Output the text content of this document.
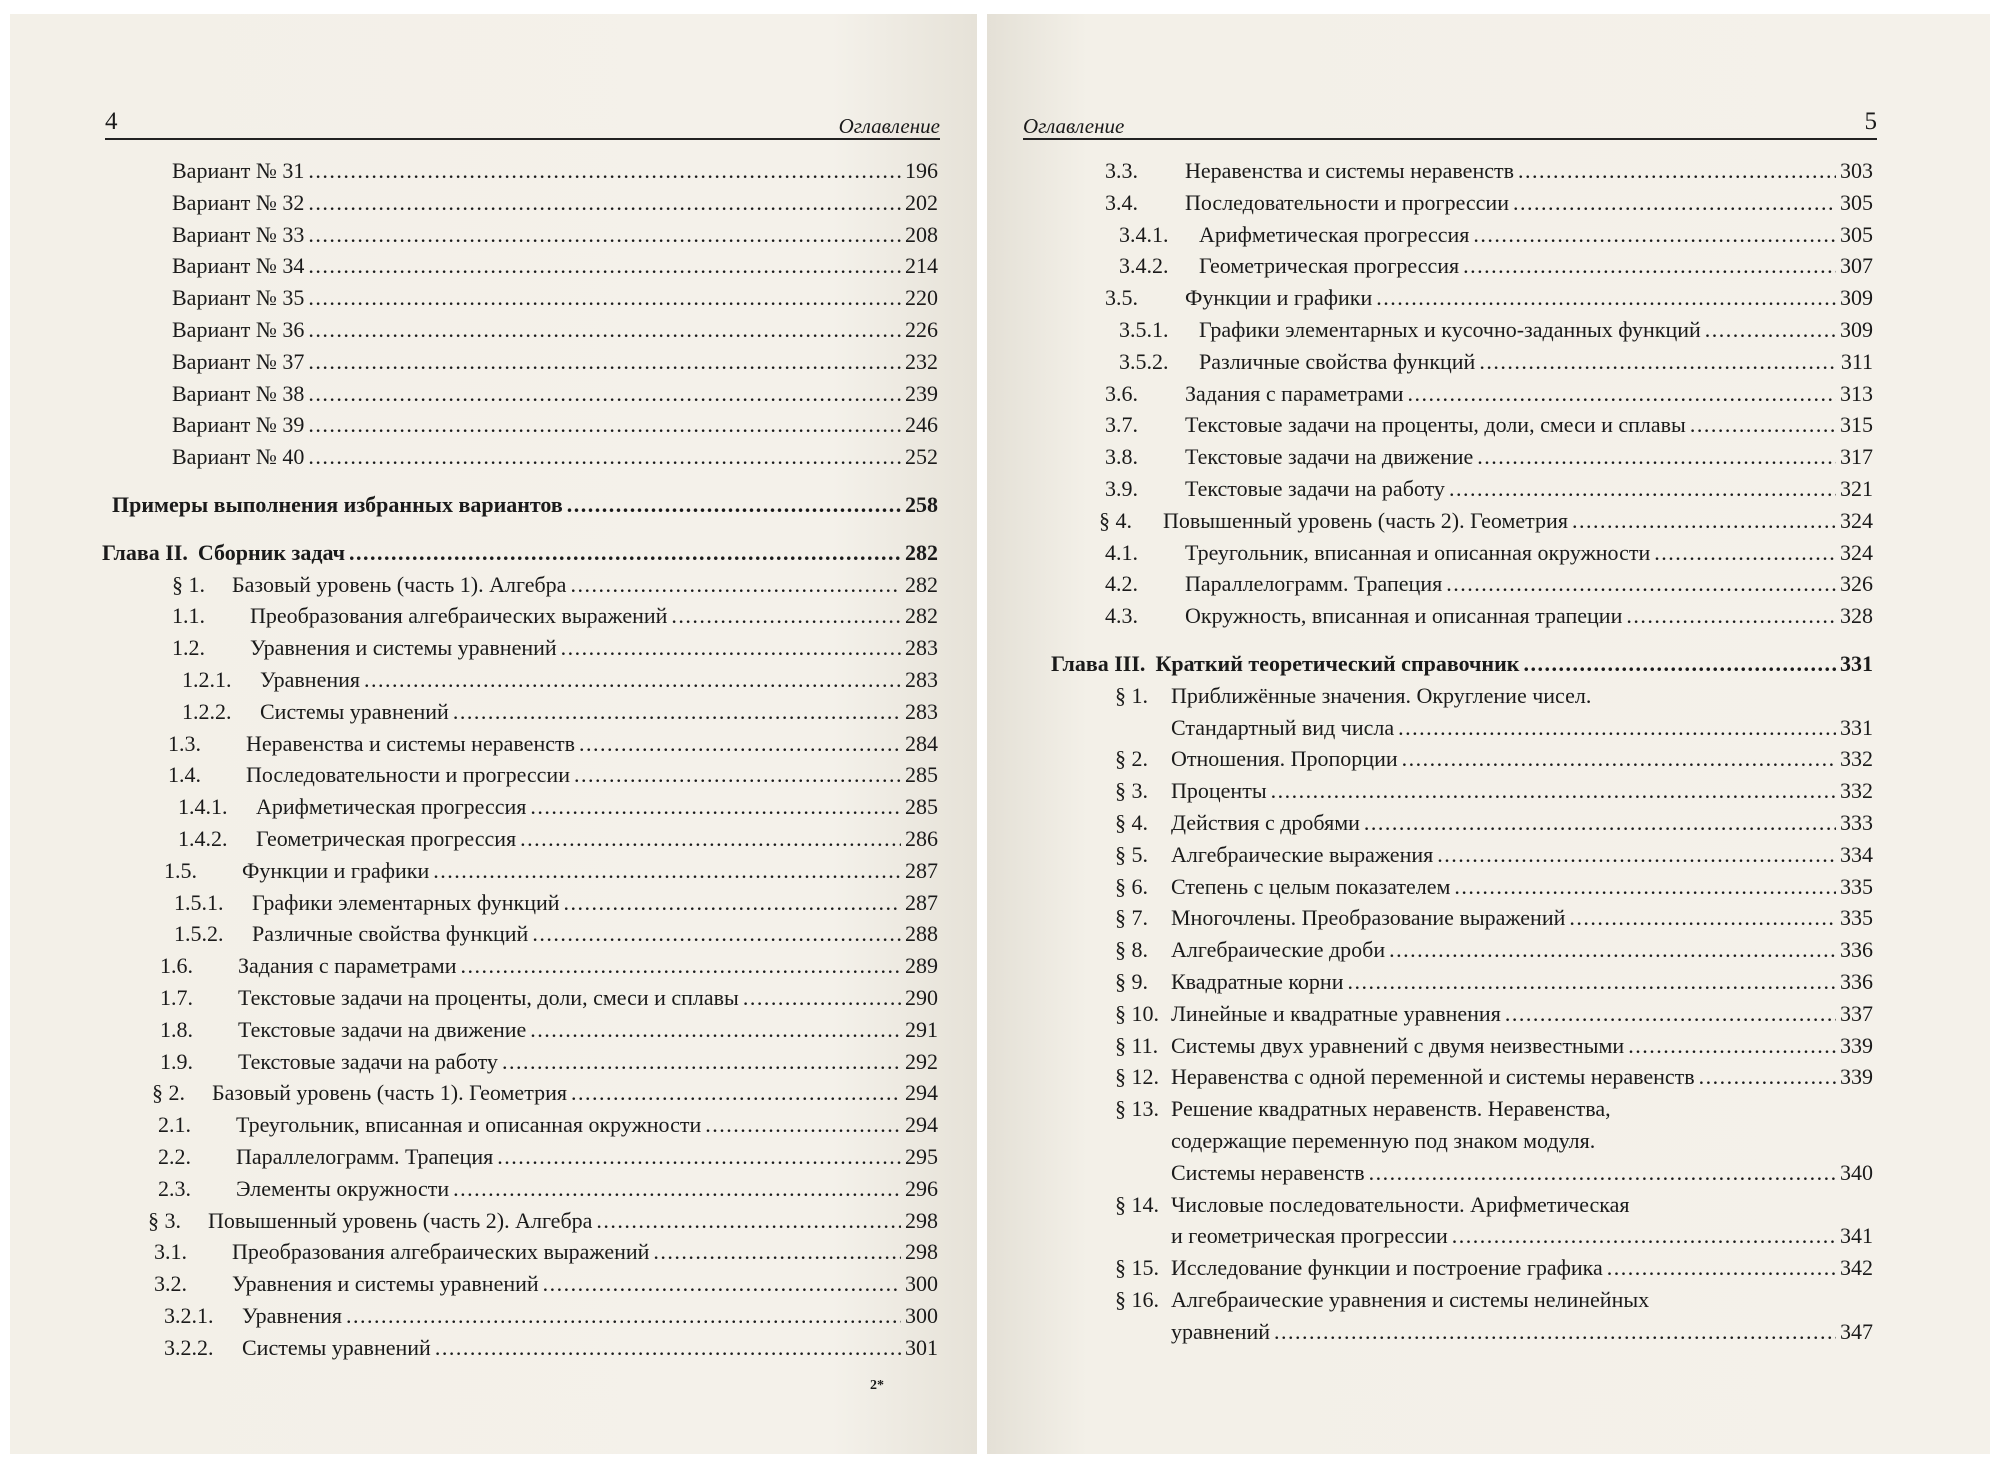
4	Оглавление
Вариант № 31 . . .	196
Вариант № 32 . . .	202
Вариант № 33 . . .	208
Вариант № 34 . . .	214
Вариант № 35 . . .	220
Вариант № 36 . . .	226
Вариант № 37 . . .	232
Вариант № 38 . . .	239
Вариант № 39 . . .	246
Вариант № 40 . . .	252
Примеры выполнения избранных вариантов . . .	258
Глава II. Сборник задач . . .	282
§ 1.	Базовый уровень (часть 1). Алгебра . . .	282
1.1.	Преобразования алгебраических выражений . . .	282
1.2.	Уравнения и системы уравнений . . .	283
1.2.1.	Уравнения . . .	283
1.2.2.	Системы уравнений . . .	283
1.3.	Неравенства и системы неравенств . . .	284
1.4.	Последовательности и прогрессии . . .	285
1.4.1.	Арифметическая прогрессия . . .	285
1.4.2.	Геометрическая прогрессия . . .	286
1.5.	Функции и графики . . .	287
1.5.1.	Графики элементарных функций . . .	287
1.5.2.	Различные свойства функций . . .	288
1.6.	Задания с параметрами . . .	289
1.7.	Текстовые задачи на проценты, доли, смеси и сплавы . . .	290
1.8.	Текстовые задачи на движение . . .	291
1.9.	Текстовые задачи на работу . . .	292
§ 2.	Базовый уровень (часть 1). Геометрия . . .	294
2.1.	Треугольник, вписанная и описанная окружности . . .	294
2.2.	Параллелограмм. Трапеция . . .	295
2.3.	Элементы окружности . . .	296
§ 3.	Повышенный уровень (часть 2). Алгебра . . .	298
3.1.	Преобразования алгебраических выражений . . .	298
3.2.	Уравнения и системы уравнений . . .	300
3.2.1.	Уравнения . . .	300
3.2.2.	Системы уравнений . . .	301
2*
Оглавление	5
3.3.	Неравенства и системы неравенств . . .	303
3.4.	Последовательности и прогрессии . . .	305
3.4.1.	Арифметическая прогрессия . . .	305
3.4.2.	Геометрическая прогрессия . . .	307
3.5.	Функции и графики . . .	309
3.5.1.	Графики элементарных и кусочно-заданных функций . . .	309
3.5.2.	Различные свойства функций . . .	311
3.6.	Задания с параметрами . . .	313
3.7.	Текстовые задачи на проценты, доли, смеси и сплавы . . .	315
3.8.	Текстовые задачи на движение . . .	317
3.9.	Текстовые задачи на работу . . .	321
§ 4.	Повышенный уровень (часть 2). Геометрия . . .	324
4.1.	Треугольник, вписанная и описанная окружности . . .	324
4.2.	Параллелограмм. Трапеция . . .	326
4.3.	Окружность, вписанная и описанная трапеции . . .	328
Глава III. Краткий теоретический справочник . . .	331
§ 1.	Приближённые значения. Округление чисел.
Стандартный вид числа . . .	331
§ 2.	Отношения. Пропорции . . .	332
§ 3.	Проценты . . .	332
§ 4.	Действия с дробями . . .	333
§ 5.	Алгебраические выражения . . .	334
§ 6.	Степень с целым показателем . . .	335
§ 7.	Многочлены. Преобразование выражений . . .	335
§ 8.	Алгебраические дроби . . .	336
§ 9.	Квадратные корни . . .	336
§ 10. Линейные и квадратные уравнения . . .	337
§ 11. Системы двух уравнений с двумя неизвестными . . .	339
§ 12. Неравенства с одной переменной и системы неравенств . . .	339
§ 13. Решение квадратных неравенств. Неравенства,
содержащие переменную под знаком модуля.
Системы неравенств . . .	340
§ 14. Числовые последовательности. Арифметическая
и геометрическая прогрессии . . .	341
§ 15. Исследование функции и построение графика . . .	342
§ 16. Алгебраические уравнения и системы нелинейных
уравнений . . .	347
